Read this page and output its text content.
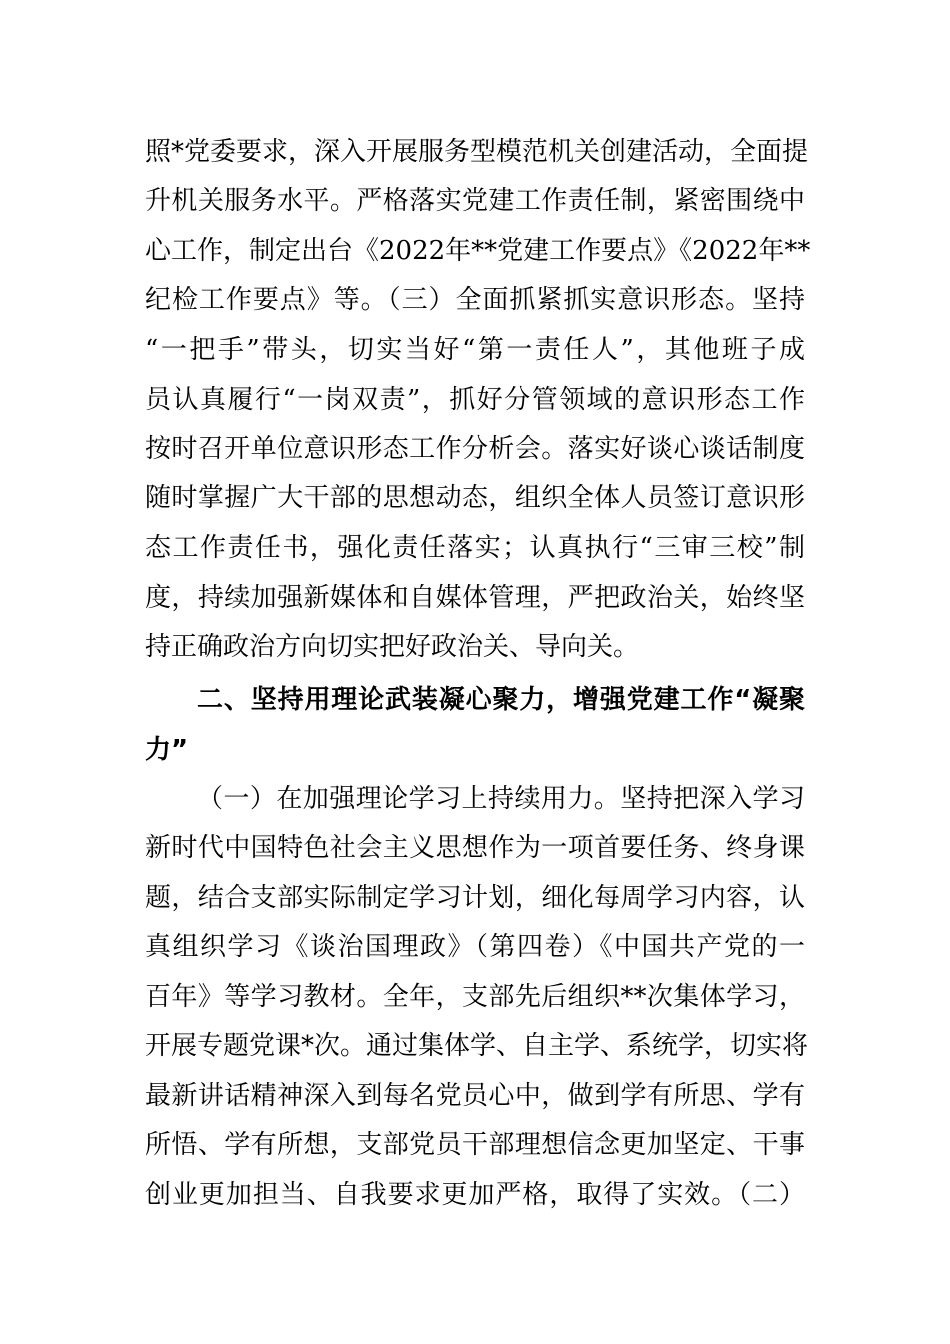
照*党委要求，深入开展服务型模范机关创建活动，全面提
升机关服务水平。严格落实党建工作责任制，紧密围绕中
心工作，制定出台《2022年**党建工作要点》《2022年**
纪检工作要点》等。（三）全面抓紧抓实意识形态。坚持
“一把手”带头，切实当好“第一责任人”，其他班子成
员认真履行“一岗双责”，抓好分管领域的意识形态工作
按时召开单位意识形态工作分析会。落实好谈心谈话制度
随时掌握广大干部的思想动态，组织全体人员签订意识形
态工作责任书，强化责任落实；认真执行“三审三校”制
度，持续加强新媒体和自媒体管理，严把政治关，始终坚
持正确政治方向切实把好政治关、导向关。
二、坚持用理论武装凝心聚力，增强党建工作“凝聚
力”
（一）在加强理论学习上持续用力。坚持把深入学习
新时代中国特色社会主义思想作为一项首要任务、终身课
题，结合支部实际制定学习计划，细化每周学习内容，认
真组织学习《谈治国理政》（第四卷）《中国共产党的一
百年》等学习教材。全年，支部先后组织**次集体学习，
开展专题党课*次。通过集体学、自主学、系统学，切实将
最新讲话精神深入到每名党员心中，做到学有所思、学有
所悟、学有所想，支部党员干部理想信念更加坚定、干事
创业更加担当、自我要求更加严格，取得了实效。（二）
